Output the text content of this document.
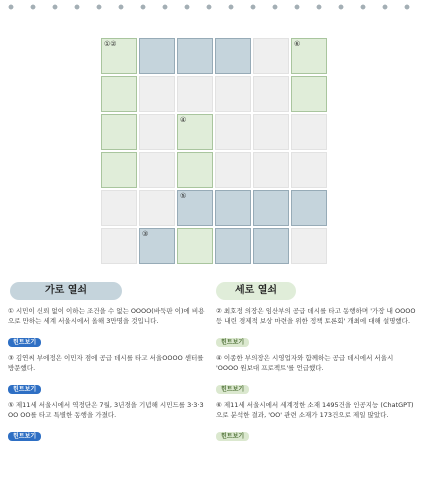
①②	⑥
④
⑤
③
가로 열쇠	세로 열쇠
① 시민이 신뢰 없이 이하는 조건을 수 없는 OOOO(바둑판 이)에 비용으로 만하는 세계 서울시에서 올해 3만명을 것입니다.
힌트보기
③ 김연씨 부에정은 이민자 점에 공급 데시를 타고 서울OOOO 센터를 방문했다.
힌트보기
⑤ 제11세 서울시에서 역정단은 7월, 3년경을 기념해 시민드를 3·3·3 OO OO를 타고 특별한 동행을 가졌다.
힌트보기
② 최호정 의장은 임산부의 공급 데시를 타고 동행하며 '가장 내 OOOO 등 내린 경제적 보상 마련을 위한 정책 토론회' 개최에 대해 설명했다.
힌트보기
④ 이종한 부의장은 시영업자와 함께하는 공급 데시에서 서울시 'OOOO 원보대 프로젝트'를 언급했다.
힌트보기
⑥ 제11세 서울시에서 세계정한 소재 1495건을 인공지능 (ChatGPT)으로 분석한 결과, 'OO' 관련 소재가 173건으로 제일 많았다.
힌트보기
